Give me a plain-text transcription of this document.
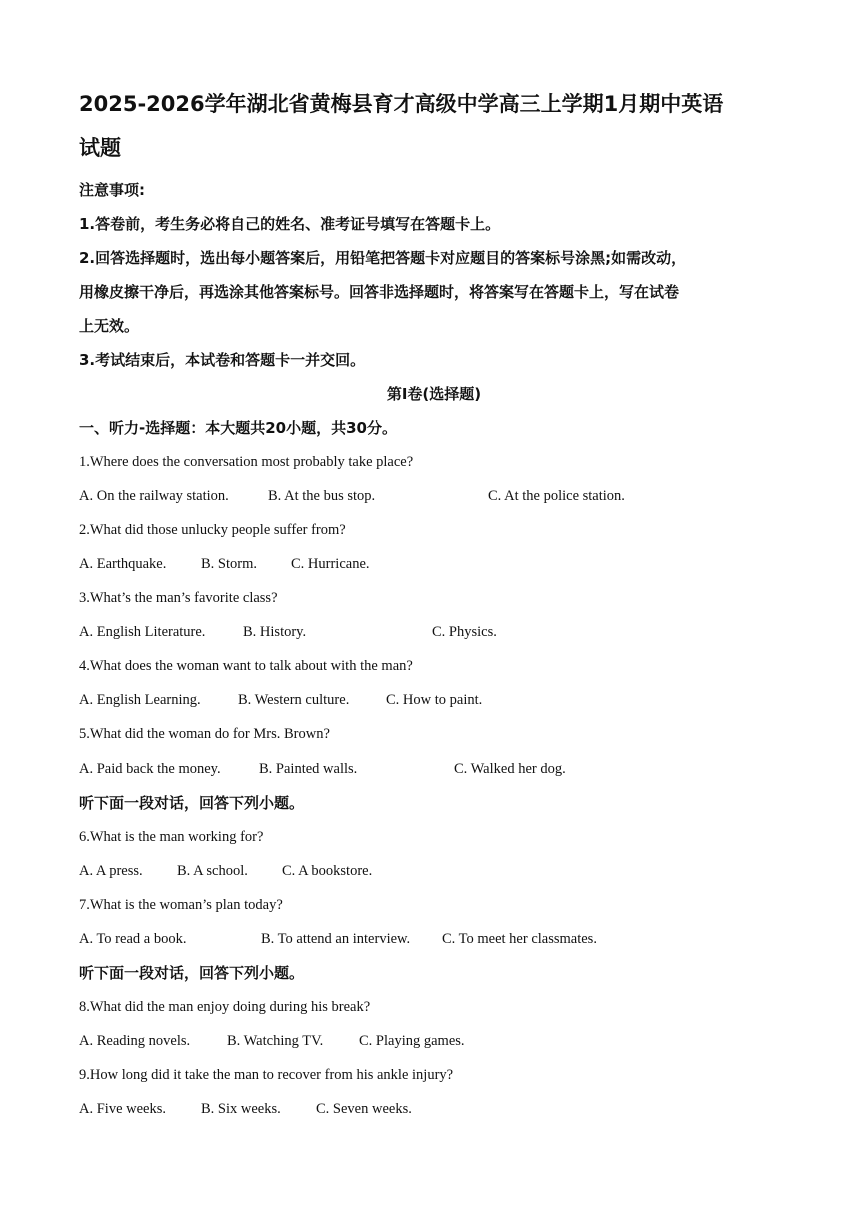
2025-2026学年湖北省黄梅县育才高级中学高三上学期1月期中英语
试题
注意事项:
1.答卷前，考生务必将自己的姓名、准考证号填写在答题卡上。
2.回答选择题时，选出每小题答案后，用铅笔把答题卡对应题目的答案标号涂黑;如需改动，
用橡皮擦干净后，再选涂其他答案标号。回答非选择题时，将答案写在答题卡上，写在试卷
上无效。
3.考试结束后，本试卷和答题卡一并交回。
第I卷(选择题)
一、听力-选择题：本大题共20小题，共30分。
1.Where does the conversation most probably take place?
A. On the railway station.	B. At the bus stop.	C. At the police station.
2.What did those unlucky people suffer from?
A. Earthquake. B. Storm. C. Hurricane.
3.What’s the man’s favorite class?
A. English Literature.	B. History.	C. Physics.
4.What does the woman want to talk about with the man?
A. English Learning.	B. Western culture.	C. How to paint.
5.What did the woman do for Mrs. Brown?
A. Paid back the money.	B. Painted walls.	C. Walked her dog.
听下面一段对话，回答下列小题。
6.What is the man working for?
A. A press. B. A school. C. A bookstore.
7.What is the woman’s plan today?
A. To read a book.	B. To attend an interview. C. To meet her classmates.
听下面一段对话，回答下列小题。
8.What did the man enjoy doing during his break?
A. Reading novels.	B. Watching TV. C. Playing games.
9.How long did it take the man to recover from his ankle injury?
A. Five weeks. B. Six weeks. C. Seven weeks.
